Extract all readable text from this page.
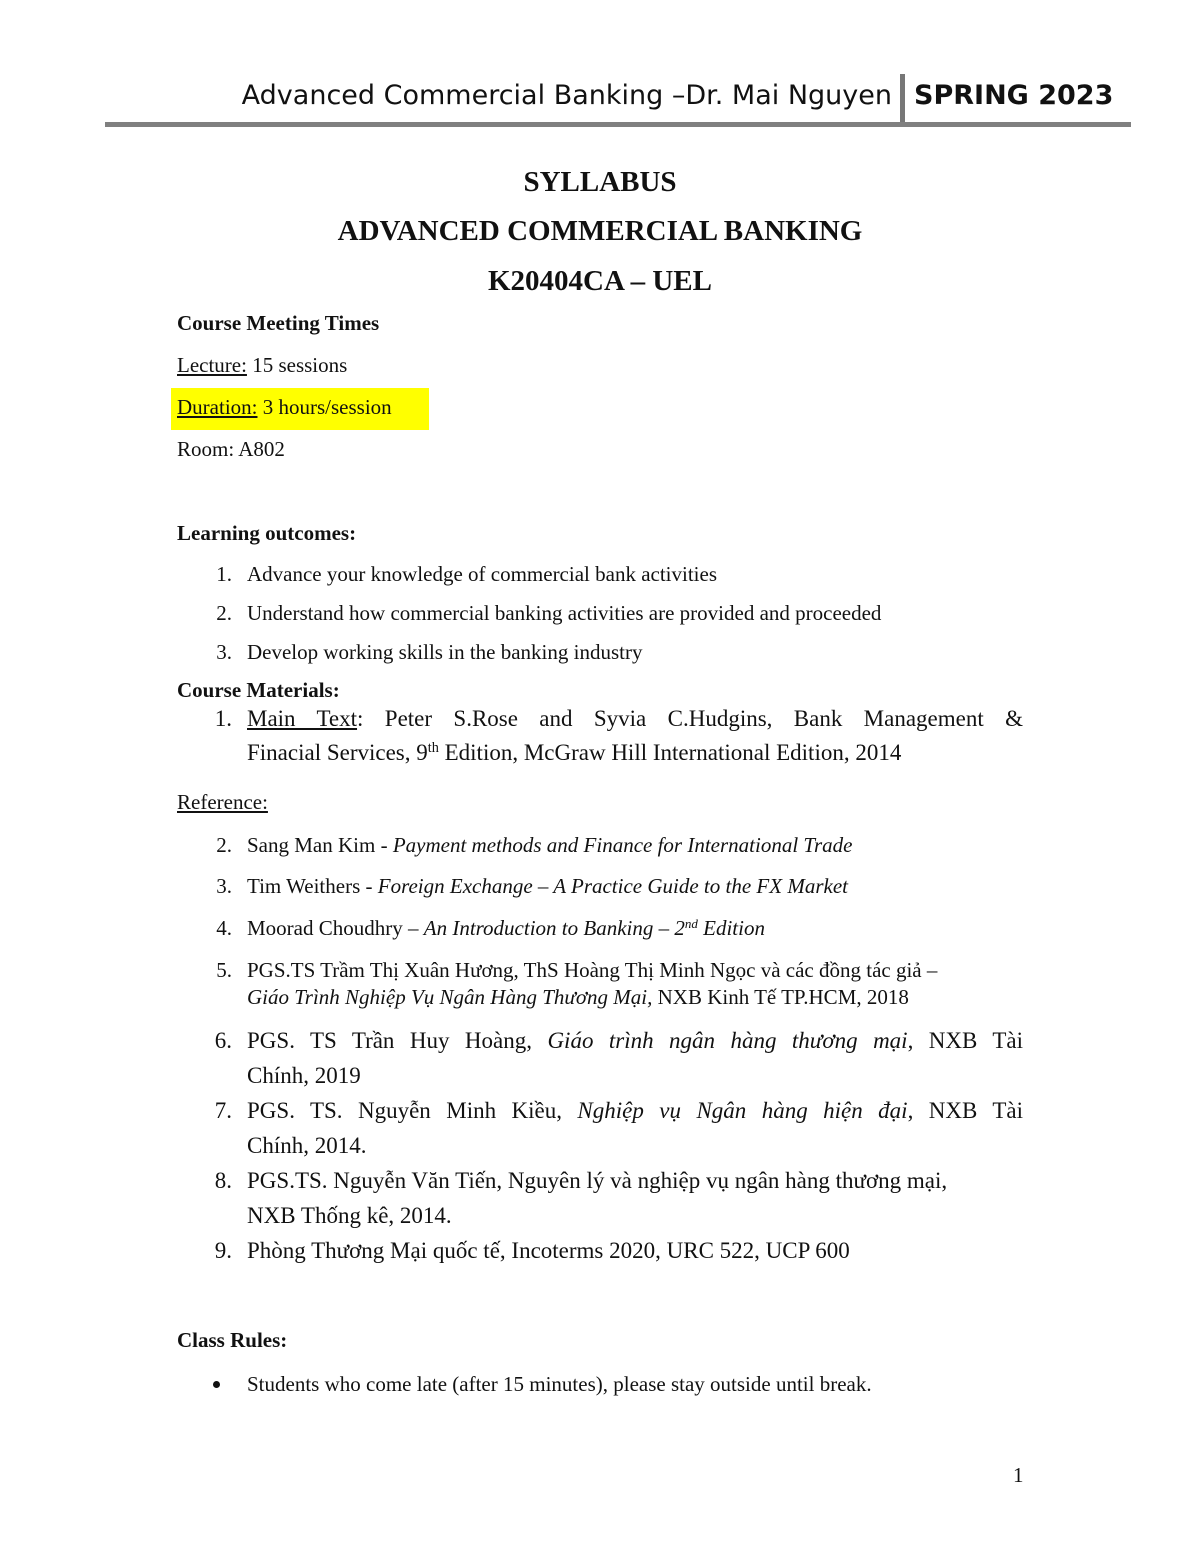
Advanced Commercial Banking –Dr. Mai Nguyen SPRING 2023
SYLLABUS
ADVANCED COMMERCIAL BANKING
K20404CA – UEL
Course Meeting Times
Lecture: 15 sessions
Duration: 3 hours/session
Room: A802
Learning outcomes:
1. Advance your knowledge of commercial bank activities
2. Understand how commercial banking activities are provided and proceeded
3. Develop working skills in the banking industry
Course Materials:
1. Main Text: Peter S.Rose and Syvia C.Hudgins, Bank Management &
Finacial Services, 9th Edition, McGraw Hill International Edition, 2014
Reference:
2. Sang Man Kim - Payment methods and Finance for International Trade
3. Tim Weithers - Foreign Exchange – A Practice Guide to the FX Market
4. Moorad Choudhry – An Introduction to Banking – 2nd Edition
5. PGS.TS Trầm Thị Xuân Hương, ThS Hoàng Thị Minh Ngọc và các đồng tác giả –
Giáo Trình Nghiệp Vụ Ngân Hàng Thương Mại, NXB Kinh Tế TP.HCM, 2018
6. PGS. TS Trần Huy Hoàng, Giáo trình ngân hàng thương mại, NXB Tài
Chính, 2019
7. PGS. TS. Nguyễn Minh Kiều, Nghiệp vụ Ngân hàng hiện đại, NXB Tài
Chính, 2014.
8. PGS.TS. Nguyễn Văn Tiến, Nguyên lý và nghiệp vụ ngân hàng thương mại,
NXB Thống kê, 2014.
9. Phòng Thương Mại quốc tế, Incoterms 2020, URC 522, UCP 600
Class Rules:
Students who come late (after 15 minutes), please stay outside until break.
1
